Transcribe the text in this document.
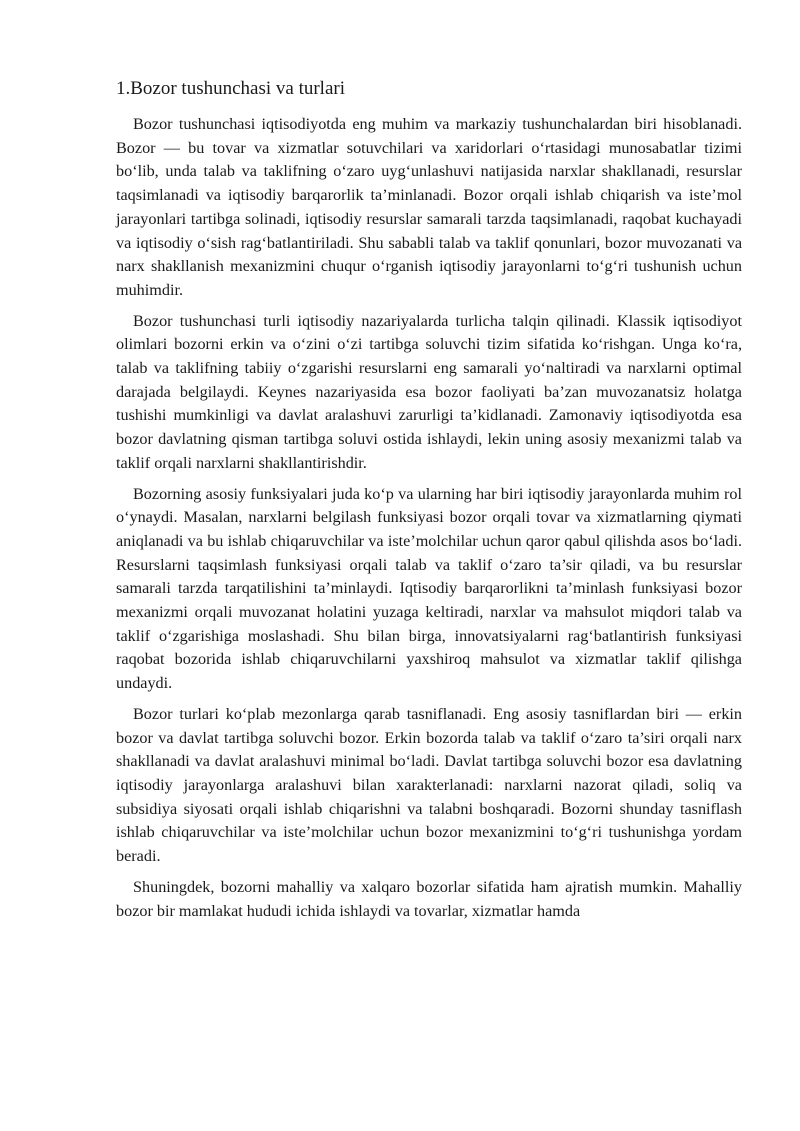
1.Bozor tushunchasi va turlari

Bozor tushunchasi iqtisodiyotda eng muhim va markaziy tushunchalardan biri hisoblanadi. Bozor — bu tovar va xizmatlar sotuvchilari va xaridorlari o‘rtasidagi munosabatlar tizimi bo‘lib, unda talab va taklifning o‘zaro uyg‘unlashuvi natijasida narxlar shakllanadi, resurslar taqsimlanadi va iqtisodiy barqarorlik ta’minlanadi. Bozor orqali ishlab chiqarish va iste’mol jarayonlari tartibga solinadi, iqtisodiy resurslar samarali tarzda taqsimlanadi, raqobat kuchayadi va iqtisodiy o‘sish rag‘batlantiriladi. Shu sababli talab va taklif qonunlari, bozor muvozanati va narx shakllanish mexanizmini chuqur o‘rganish iqtisodiy jarayonlarni to‘g‘ri tushunish uchun muhimdir.

Bozor tushunchasi turli iqtisodiy nazariyalarda turlicha talqin qilinadi. Klassik iqtisodiyot olimlari bozorni erkin va o‘zini o‘zi tartibga soluvchi tizim sifatida ko‘rishgan. Unga ko‘ra, talab va taklifning tabiiy o‘zgarishi resurslarni eng samarali yo‘naltiradi va narxlarni optimal darajada belgilaydi. Keynes nazariyasida esa bozor faoliyati ba’zan muvozanatsiz holatga tushishi mumkinligi va davlat aralashuvi zarurligi ta’kidlanadi. Zamonaviy iqtisodiyotda esa bozor davlatning qisman tartibga soluvi ostida ishlaydi, lekin uning asosiy mexanizmi talab va taklif orqali narxlarni shakllantirishdir.

Bozorning asosiy funksiyalari juda ko‘p va ularning har biri iqtisodiy jarayonlarda muhim rol o‘ynaydi. Masalan, narxlarni belgilash funksiyasi bozor orqali tovar va xizmatlarning qiymati aniqlanadi va bu ishlab chiqaruvchilar va iste’molchilar uchun qaror qabul qilishda asos bo‘ladi. Resurslarni taqsimlash funksiyasi orqali talab va taklif o‘zaro ta’sir qiladi, va bu resurslar samarali tarzda tarqatilishini ta’minlaydi. Iqtisodiy barqarorlikni ta’minlash funksiyasi bozor mexanizmi orqali muvozanat holatini yuzaga keltiradi, narxlar va mahsulot miqdori talab va taklif o‘zgarishiga moslashadi. Shu bilan birga, innovatsiyalarni rag‘batlantirish funksiyasi raqobat bozorida ishlab chiqaruvchilarni yaxshiroq mahsulot va xizmatlar taklif qilishga undaydi.

Bozor turlari ko‘plab mezonlarga qarab tasniflanadi. Eng asosiy tasniflardan biri — erkin bozor va davlat tartibga soluvchi bozor. Erkin bozorda talab va taklif o‘zaro ta’siri orqali narx shakllanadi va davlat aralashuvi minimal bo‘ladi. Davlat tartibga soluvchi bozor esa davlatning iqtisodiy jarayonlarga aralashuvi bilan xarakterlanadi: narxlarni nazorat qiladi, soliq va subsidiya siyosati orqali ishlab chiqarishni va talabni boshqaradi. Bozorni shunday tasniflash ishlab chiqaruvchilar va iste’molchilar uchun bozor mexanizmini to‘g‘ri tushunishga yordam beradi.

Shuningdek, bozorni mahalliy va xalqaro bozorlar sifatida ham ajratish mumkin. Mahalliy bozor bir mamlakat hududi ichida ishlaydi va tovarlar, xizmatlar hamda
